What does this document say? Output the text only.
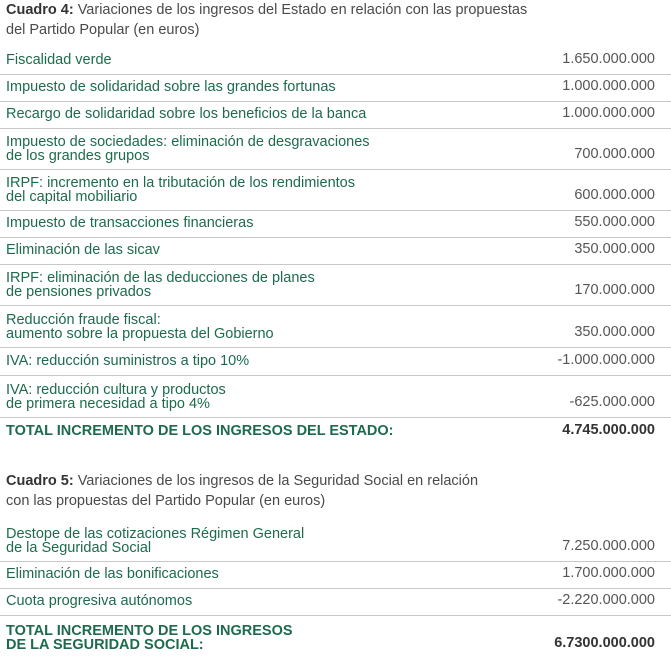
Cuadro 4: Variaciones de los ingresos del Estado en relación con las propuestas
del Partido Popular (en euros)
Fiscalidad verde	1.650.000.000
Impuesto de solidaridad sobre las grandes fortunas	1.000.000.000
Recargo de solidaridad sobre los beneficios de la banca	1.000.000.000
Impuesto de sociedades: eliminación de desgravaciones
de los grandes grupos	700.000.000
IRPF: incremento en la tributación de los rendimientos
del capital mobiliario	600.000.000
Impuesto de transacciones financieras	550.000.000
Eliminación de las sicav	350.000.000
IRPF: eliminación de las deducciones de planes
de pensiones privados	170.000.000
Reducción fraude fiscal:
aumento sobre la propuesta del Gobierno	350.000.000
IVA: reducción suministros a tipo 10%	-1.000.000.000
IVA: reducción cultura y productos
de primera necesidad a tipo 4%	-625.000.000
TOTAL INCREMENTO DE LOS INGRESOS DEL ESTADO:	4.745.000.000
Cuadro 5: Variaciones de los ingresos de la Seguridad Social en relación
con las propuestas del Partido Popular (en euros)
Destope de las cotizaciones Régimen General
de la Seguridad Social	7.250.000.000
Eliminación de las bonificaciones	1.700.000.000
Cuota progresiva autónomos	-2.220.000.000
TOTAL INCREMENTO DE LOS INGRESOS
DE LA SEGURIDAD SOCIAL:	6.7300.000.000
